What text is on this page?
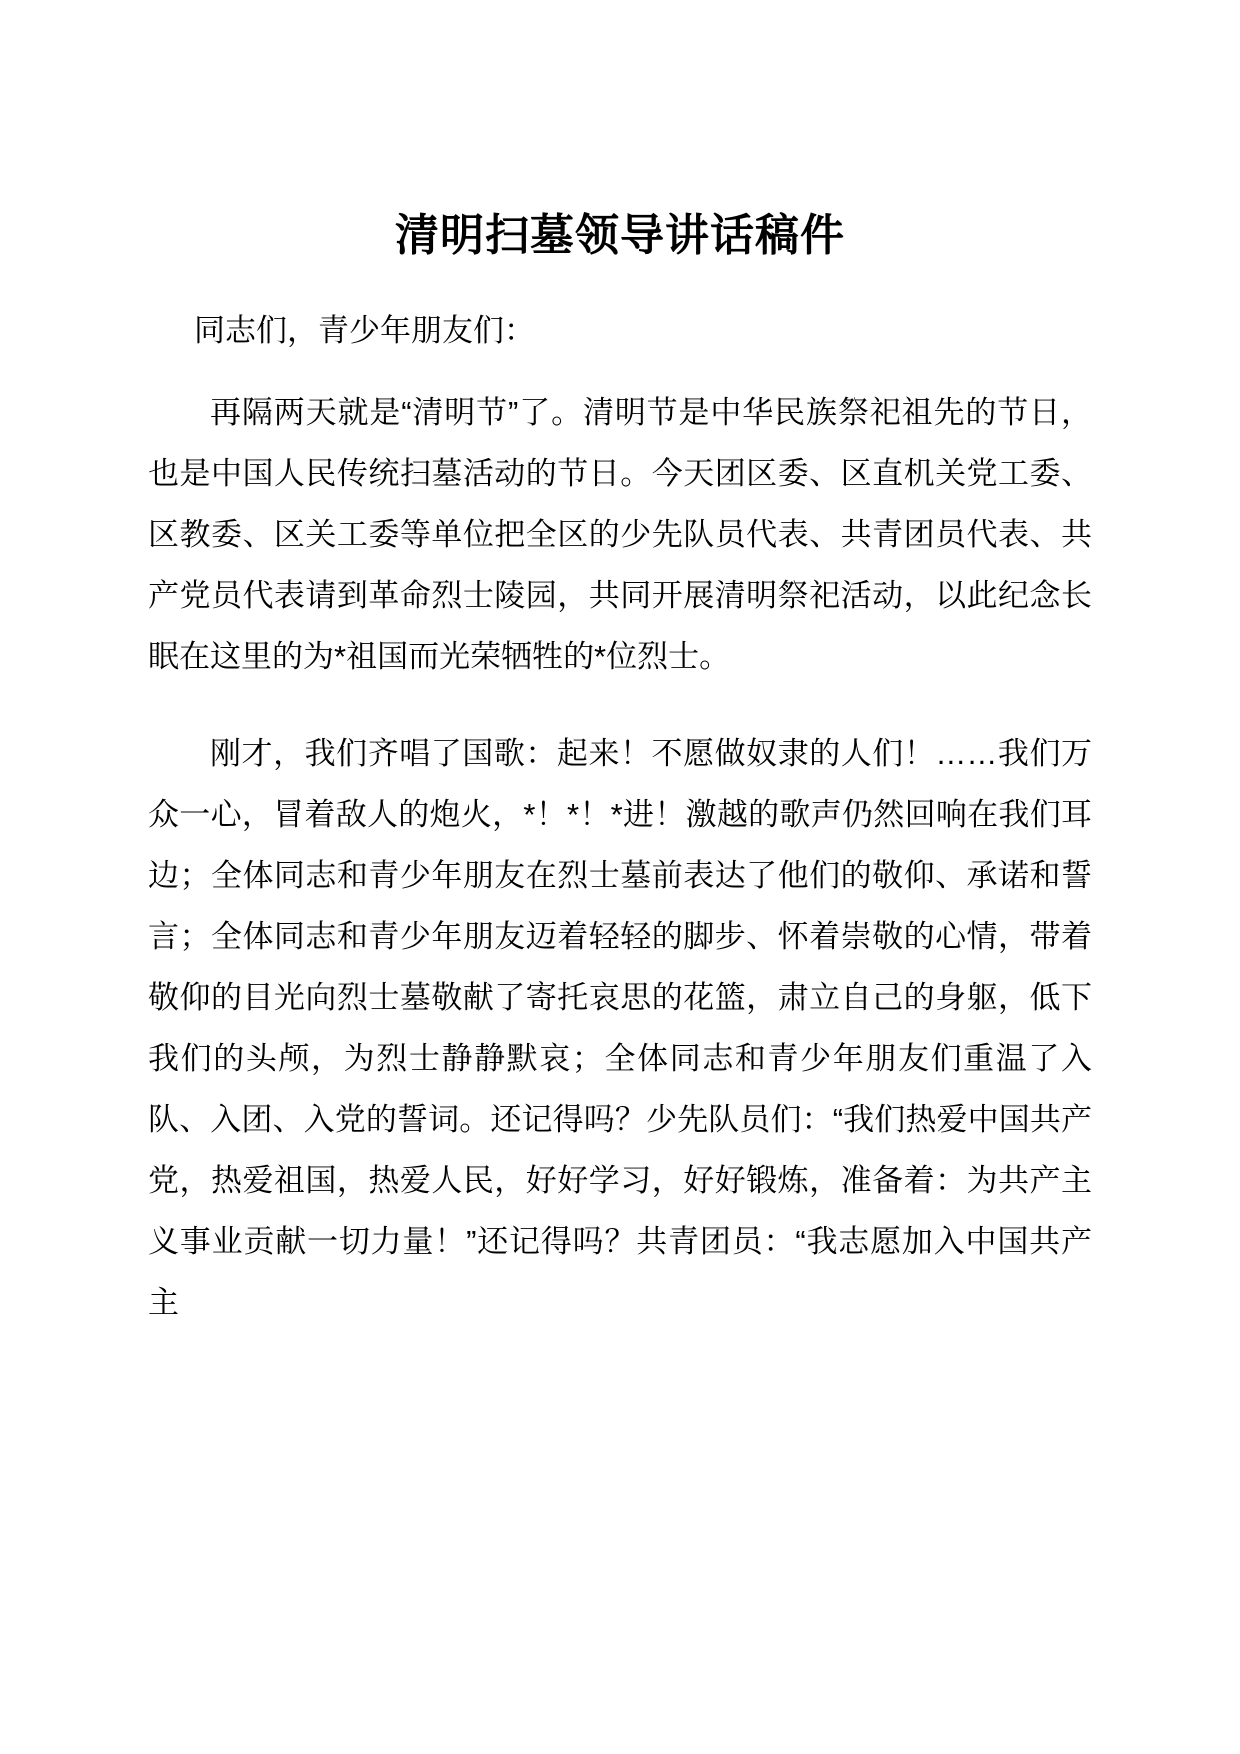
清明扫墓领导讲话稿件

同志们，青少年朋友们：

再隔两天就是“清明节”了。清明节是中华民族祭祀祖先的节日，也是中国人民传统扫墓活动的节日。今天团区委、区直机关党工委、区教委、区关工委等单位把全区的少先队员代表、共青团员代表、共产党员代表请到革命烈士陵园，共同开展清明祭祀活动，以此纪念长眠在这里的为*祖国而光荣牺牲的*位烈士。

刚才，我们齐唱了国歌：起来！不愿做奴隶的人们！……我们万众一心，冒着敌人的炮火，*！*！*进！激越的歌声仍然回响在我们耳边；全体同志和青少年朋友在烈士墓前表达了他们的敬仰、承诺和誓言；全体同志和青少年朋友迈着轻轻的脚步、怀着崇敬的心情，带着敬仰的目光向烈士墓敬献了寄托哀思的花篮，肃立自己的身躯，低下我们的头颅，为烈士静静默哀；全体同志和青少年朋友们重温了入队、入团、入党的誓词。还记得吗？少先队员们：“我们热爱中国共产党，热爱祖国，热爱人民，好好学习，好好锻炼，准备着：为共产主义事业贡献一切力量！”还记得吗？共青团员：“我志愿加入中国共产主
